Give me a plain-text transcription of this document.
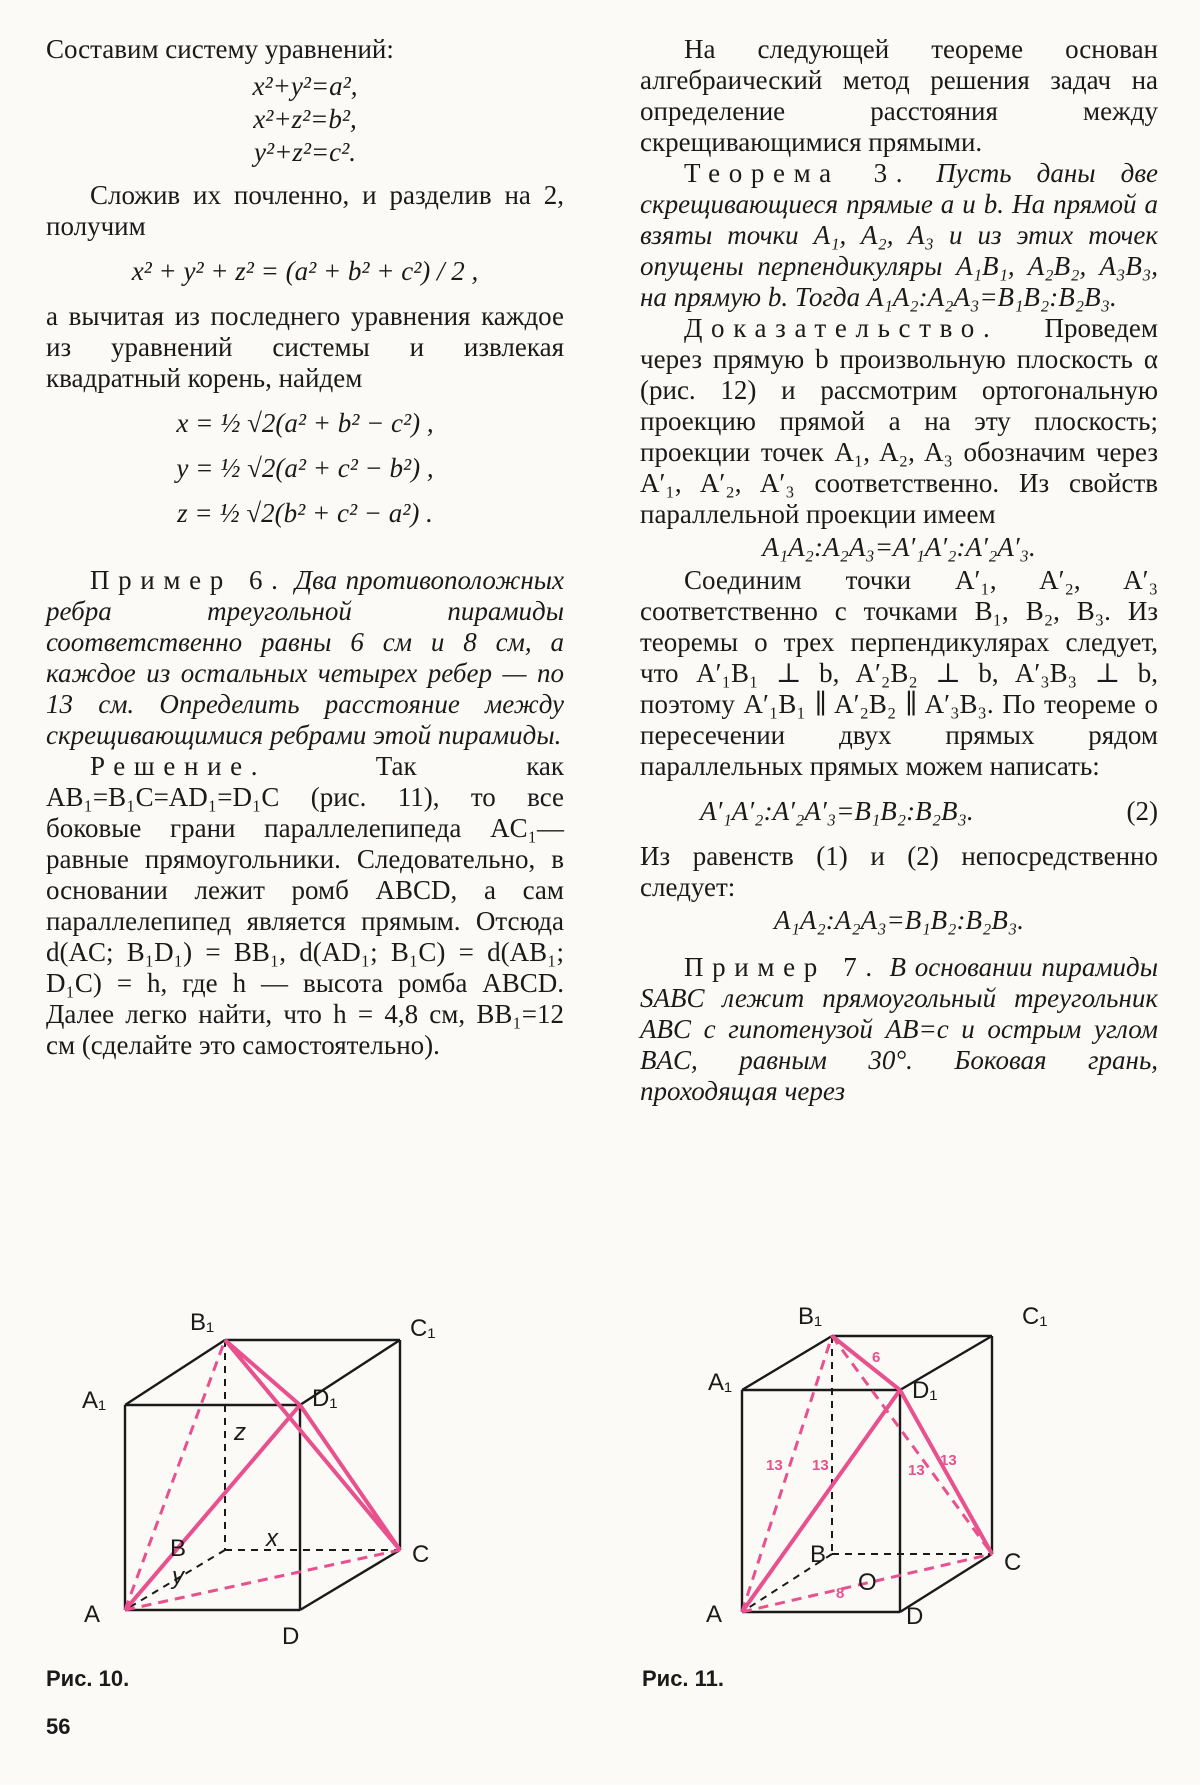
Составим систему уравнений:

x²+y²=a²,
x²+z²=b²,
y²+z²=c².

Сложив их почленно, и разделив на 2, получим

x² + y² + z² = (a² + b² + c²) / 2 ,

а вычитая из последнего уравнения каждое из уравнений системы и извлекая квадратный корень, найдем

x = ½ √2(a² + b² − c²) ,
y = ½ √2(a² + c² − b²) ,
z = ½ √2(b² + c² − a²) .

Пример 6. Два противоположных ребра треугольной пирамиды соответственно равны 6 см и 8 см, а каждое из остальных четырех ребер — по 13 см. Определить расстояние между скрещивающимися ребрами этой пирамиды.

Решение.	Так как AB₁=B₁C=AD₁=D₁C (рис. 11), то все боковые грани параллелепипеда AC₁— равные прямоугольники. Следовательно, в основании лежит ромб ABCD, а сам параллелепипед является прямым. Отсюда d(AC; B₁D₁) = BB₁, d(AD₁; B₁C) = d(AB₁; D₁C) = h, где h — высота ромба ABCD. Далее легко найти, что h = 4,8 см, BB₁=12 см (сделайте это самостоятельно).

На следующей теореме основан алгебраический метод решения задач на определение расстояния между скрещивающимися прямыми.

Теорема 3. Пусть даны две скрещивающиеся прямые a и b. На прямой a взяты точки A₁, A₂, A₃ и из этих точек опущены перпендикуляры A₁B₁, A₂B₂, A₃B₃, на прямую b. Тогда A₁A₂:A₂A₃=B₁B₂:B₂B₃.

Доказательство. Проведем через прямую b произвольную плоскость α (рис. 12) и рассмотрим ортогональную проекцию прямой a на эту плоскость; проекции точек A₁, A₂, A₃ обозначим через A′₁, A′₂, A′₃ соответственно. Из свойств параллельной проекции имеем

A₁A₂:A₂A₃=A′₁A′₂:A′₂A′₃.

Соединим точки A′₁, A′₂, A′₃ соответственно с точками B₁, B₂, B₃. Из теоремы о трех перпендикулярах следует, что A′₁B₁ ⊥ b, A′₂B₂ ⊥ b, A′₃B₃ ⊥ b, поэтому A′₁B₁ ∥ A′₂B₂ ∥ A′₃B₃. По теореме о пересечении двух прямых рядом параллельных прямых можем написать:

A′₁A′₂:A′₂A′₃=B₁B₂:B₂B₃.	(2)

Из равенств (1) и (2) непосредственно следует:

A₁A₂:A₂A₃=B₁B₂:B₂B₃.

Пример 7. В основании пирамиды SABC лежит прямоугольный треугольник ABC с гипотенузой AB=c и острым углом BAC, равным 30°. Боковая грань, проходящая через

A
B	C
D
A₁
B₁	C₁
D₁
z
x
y
Рис. 10.
6
8
13 13	13
13
A
B
O
C
D
A₁
B₁	C₁
D₁
Рис. 11.
56
